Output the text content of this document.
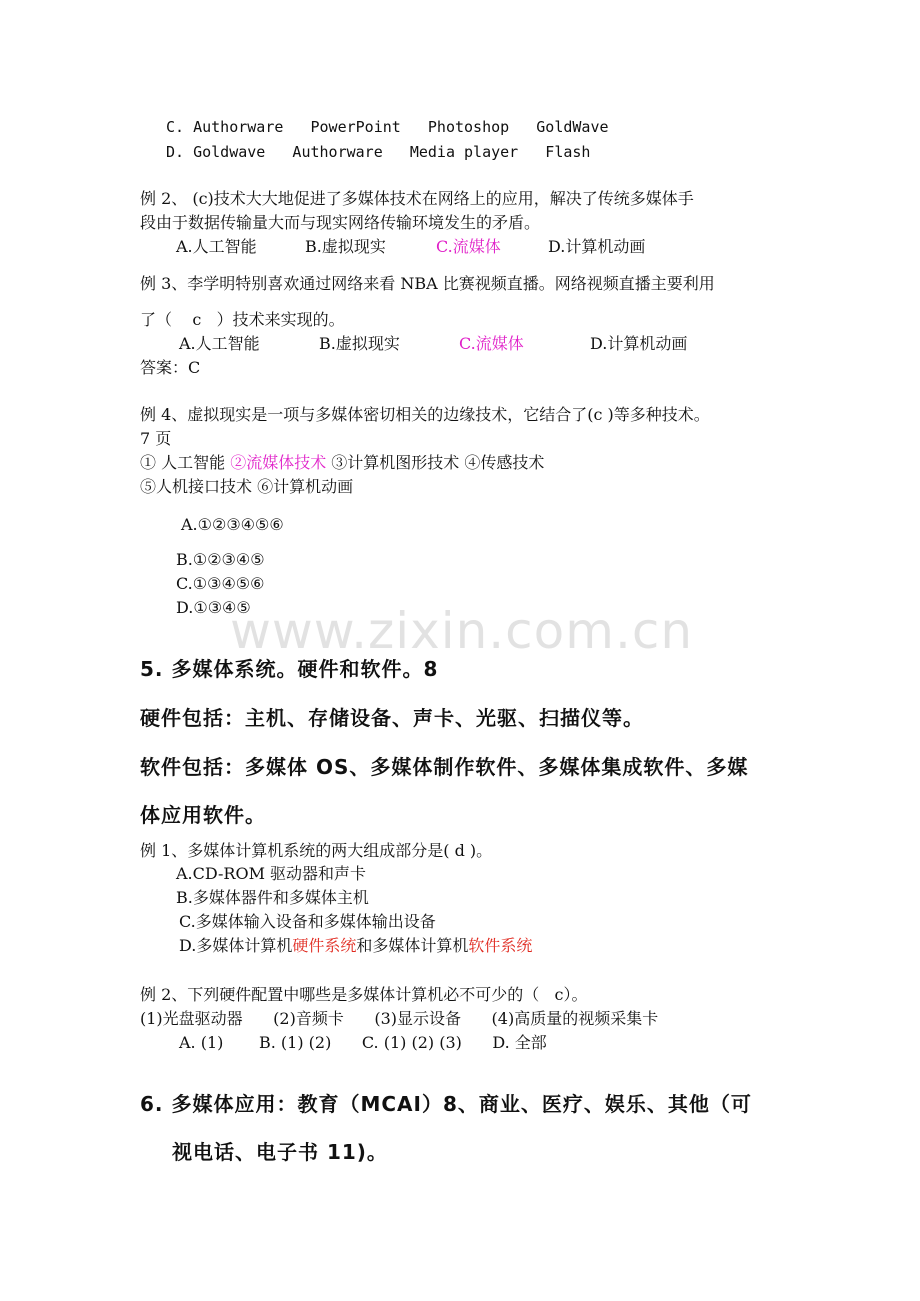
C. Authorware   PowerPoint   Photoshop   GoldWave
D. Goldwave   Authorware   Media player   Flash
例 2、 (c)技术大大地促进了多媒体技术在网络上的应用，解决了传统多媒体手
段由于数据传输量大而与现实网络传输环境发生的矛盾。
A.人工智能	B.虚拟现实	C.流媒体	D.计算机动画
例 3、李学明特别喜欢通过网络来看 NBA 比赛视频直播。网络视频直播主要利用
了（    c   ）技术来实现的。
A.人工智能	B.虚拟现实	C.流媒体	D.计算机动画
答案：C
例 4、虚拟现实是一项与多媒体密切相关的边缘技术，它结合了(c )等多种技术。
7 页
① 人工智能 ②流媒体技术 ③计算机图形技术 ④传感技术
⑤人机接口技术 ⑥计算机动画
A.①②③④⑤⑥
B.①②③④⑤
C.①③④⑤⑥
D.①③④⑤
www.zixin.com.cn
5. 多媒体系统。硬件和软件。8
硬件包括：主机、存储设备、声卡、光驱、扫描仪等。
软件包括：多媒体 OS、多媒体制作软件、多媒体集成软件、多媒
体应用软件。
例 1、多媒体计算机系统的两大组成部分是( d )。
A.CD-ROM 驱动器和声卡
B.多媒体器件和多媒体主机
C.多媒体输入设备和多媒体输出设备
D.多媒体计算机硬件系统和多媒体计算机软件系统
例 2、下列硬件配置中哪些是多媒体计算机必不可少的（   c）。
(1)光盘驱动器      (2)音频卡      (3)显示设备      (4)高质量的视频采集卡
A. (1)       B. (1) (2)      C. (1) (2) (3)      D. 全部
6. 多媒体应用：教育（MCAI）8、商业、医疗、娱乐、其他（可
视电话、电子书 11)。
